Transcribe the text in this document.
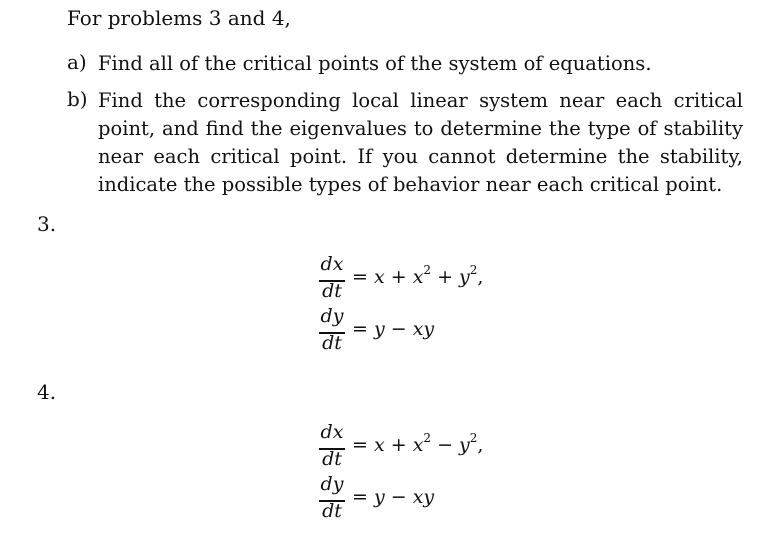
For problems 3 and 4,
a) Find all of the critical points of the system of equations.
b) Find the corresponding local linear system near each critical point, and find the eigenvalues to determine the type of stability near each critical point. If you cannot determine the stability, indicate the possible types of behavior near each critical point.
3.
dx
dt
= $x + x^2 + y^2$,
dy
dt
= y − xy
4.
dx
dt
= $x + x^2 - y^2$,
dy
dt
= y − xy
